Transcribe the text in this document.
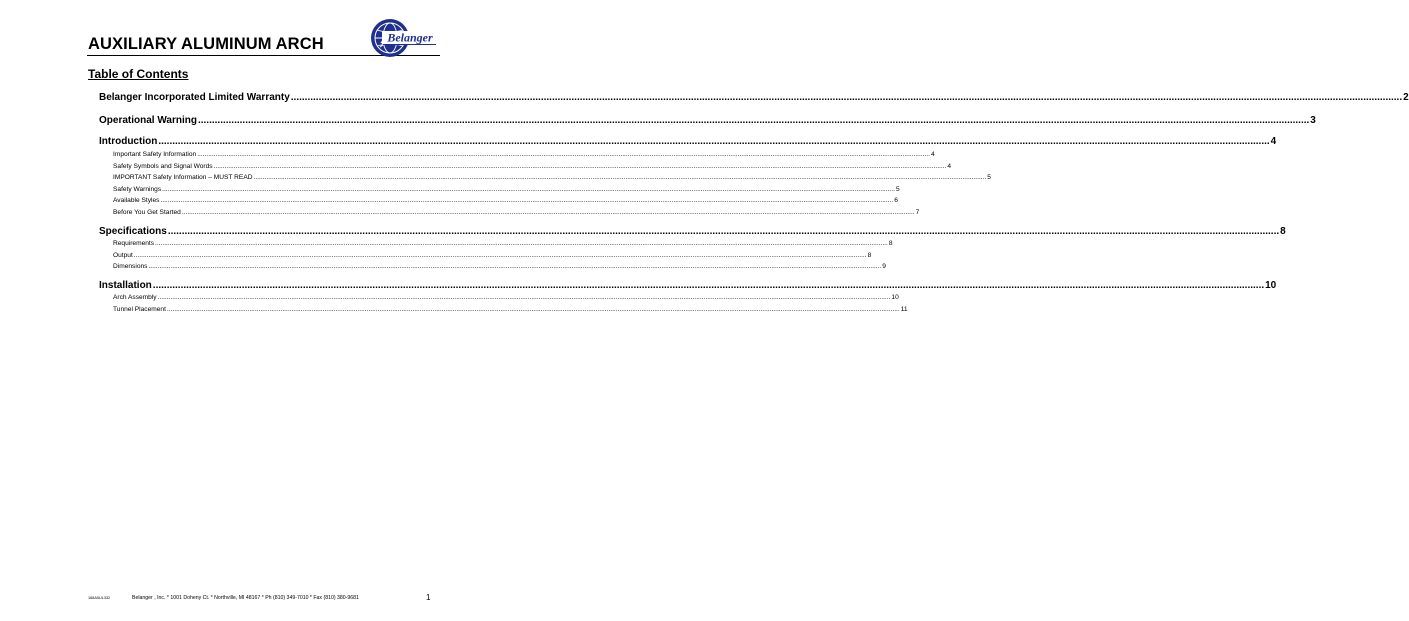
AUXILIARY ALUMINUM ARCH	Belanger
Table of Contents
Belanger Incorporated Limited Warranty ................................................................................................................................................................................................................................................................................................................................................................................................................ 2
Operational Warning ................................................................................................................................................................................................................................................................................................................................................................................................................ 3
Introduction ................................................................................................................................................................................................................................................................................................................................................................................................................ 4
Important Safety Information ................................................................................................................................................................................................................................................................................................................................................................................................................ 4
Safety Symbols and Signal Words ................................................................................................................................................................................................................................................................................................................................................................................................................ 4
IMPORTANT Safety Information – MUST READ ................................................................................................................................................................................................................................................................................................................................................................................................................ 5
Safety Warnings ................................................................................................................................................................................................................................................................................................................................................................................................................ 5
Available Styles ................................................................................................................................................................................................................................................................................................................................................................................................................ 6
Before You Get Started ................................................................................................................................................................................................................................................................................................................................................................................................................ 7
Specifications ................................................................................................................................................................................................................................................................................................................................................................................................................ 8
Requirements ................................................................................................................................................................................................................................................................................................................................................................................................................ 8
Output ................................................................................................................................................................................................................................................................................................................................................................................................................ 8
Dimensions ................................................................................................................................................................................................................................................................................................................................................................................................................ 9
Installation ................................................................................................................................................................................................................................................................................................................................................................................................................ 10
Arch Assembly ................................................................................................................................................................................................................................................................................................................................................................................................................ 10
Tunnel Placement ................................................................................................................................................................................................................................................................................................................................................................................................................ 11
168A5UL332	Belanger , Inc. * 1001 Doheny Ct. * Northville, MI 48167 * Ph (810) 349-7010 * Fax (810) 380-9681	1
